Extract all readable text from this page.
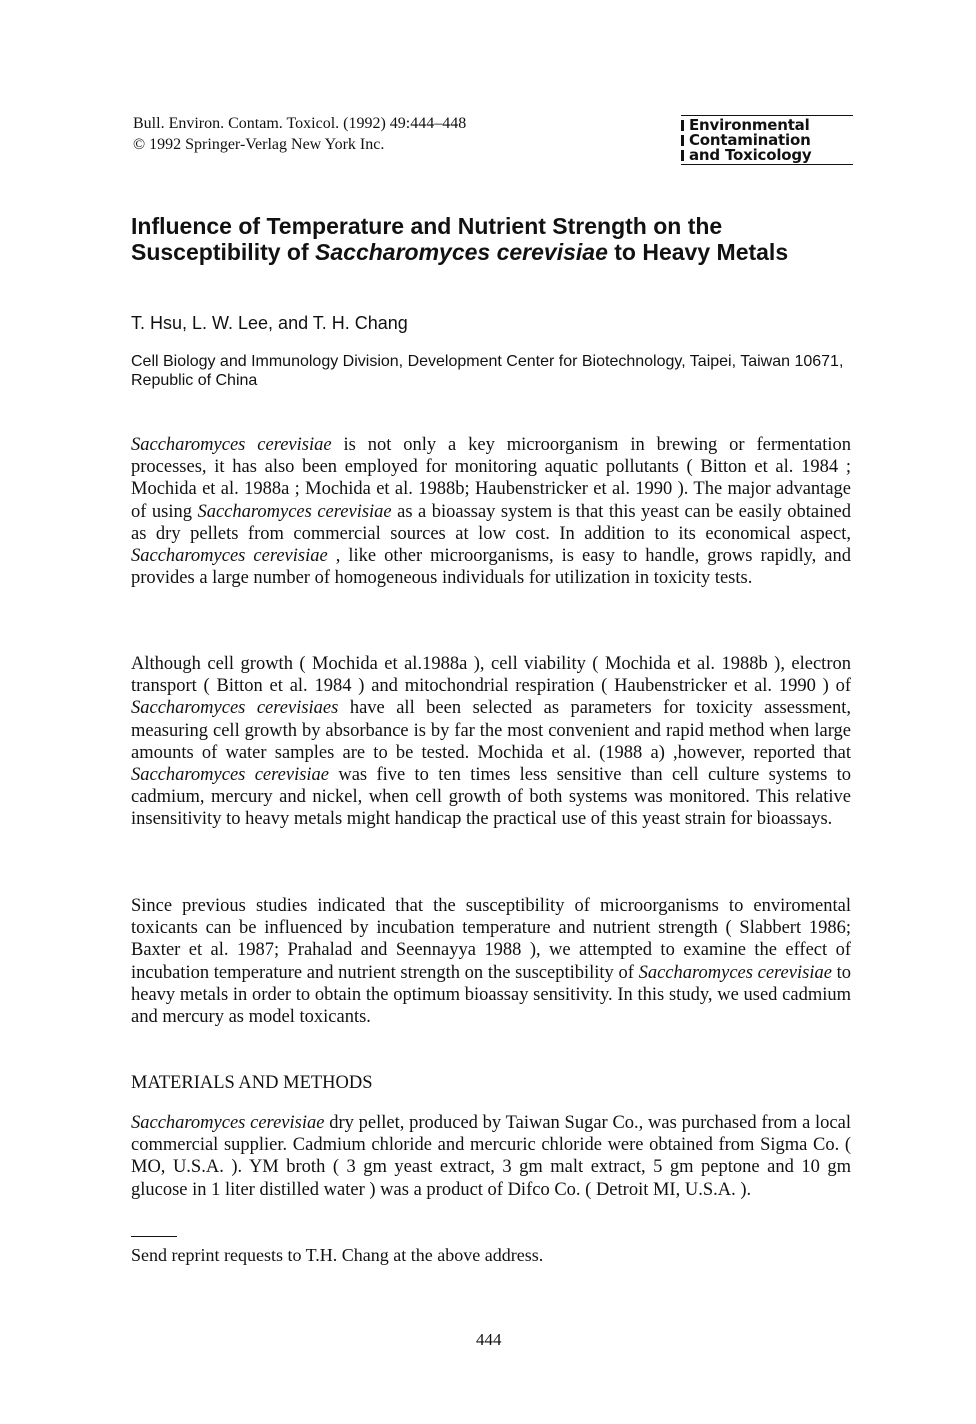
Bull. Environ. Contam. Toxicol. (1992) 49:444–448
© 1992 Springer-Verlag New York Inc.
Environmental
Contamination
and Toxicology
Influence of Temperature and Nutrient Strength on the Susceptibility of Saccharomyces cerevisiae to Heavy Metals
T. Hsu, L. W. Lee, and T. H. Chang
Cell Biology and Immunology Division, Development Center for Biotechnology, Taipei, Taiwan 10671, Republic of China

Saccharomyces cerevisiae is not only a key microorganism in brewing or fermentation processes, it has also been employed for monitoring aquatic pollutants ( Bitton et al. 1984 ; Mochida et al. 1988a ; Mochida et al. 1988b; Haubenstricker et al. 1990 ). The major advantage of using Saccharomyces cerevisiae as a bioassay system is that this yeast can be easily obtained as dry pellets from commercial sources at low cost. In addition to its economical aspect, Saccharomyces cerevisiae , like other microorganisms, is easy to handle, grows rapidly, and provides a large number of homogeneous individuals for utilization in toxicity tests.

Although cell growth ( Mochida et al.1988a ), cell viability ( Mochida et al. 1988b ), electron transport ( Bitton et al. 1984 ) and mitochondrial respiration ( Haubenstricker et al. 1990 ) of Saccharomyces cerevisiaes have all been selected as parameters for toxicity assessment, measuring cell growth by absorbance is by far the most convenient and rapid method when large amounts of water samples are to be tested. Mochida et al. (1988 a) ,however, reported that Saccharomyces cerevisiae was five to ten times less sensitive than cell culture systems to cadmium, mercury and nickel, when cell growth of both systems was monitored. This relative insensitivity to heavy metals might handicap the practical use of this yeast strain for bioassays.

Since previous studies indicated that the susceptibility of microorganisms to enviromental toxicants can be influenced by incubation temperature and nutrient strength ( Slabbert 1986; Baxter et al. 1987; Prahalad and Seennayya 1988 ), we attempted to examine the effect of incubation temperature and nutrient strength on the susceptibility of Saccharomyces cerevisiae to heavy metals in order to obtain the optimum bioassay sensitivity. In this study, we used cadmium and mercury as model toxicants.

MATERIALS AND METHODS

Saccharomyces cerevisiae dry pellet, produced by Taiwan Sugar Co., was purchased from a local commercial supplier. Cadmium chloride and mercuric chloride were obtained from Sigma Co. ( MO, U.S.A. ). YM broth ( 3 gm yeast extract, 3 gm malt extract, 5 gm peptone and 10 gm glucose in 1 liter distilled water ) was a product of Difco Co. ( Detroit MI, U.S.A. ).

Send reprint requests to T.H. Chang at the above address.
444
